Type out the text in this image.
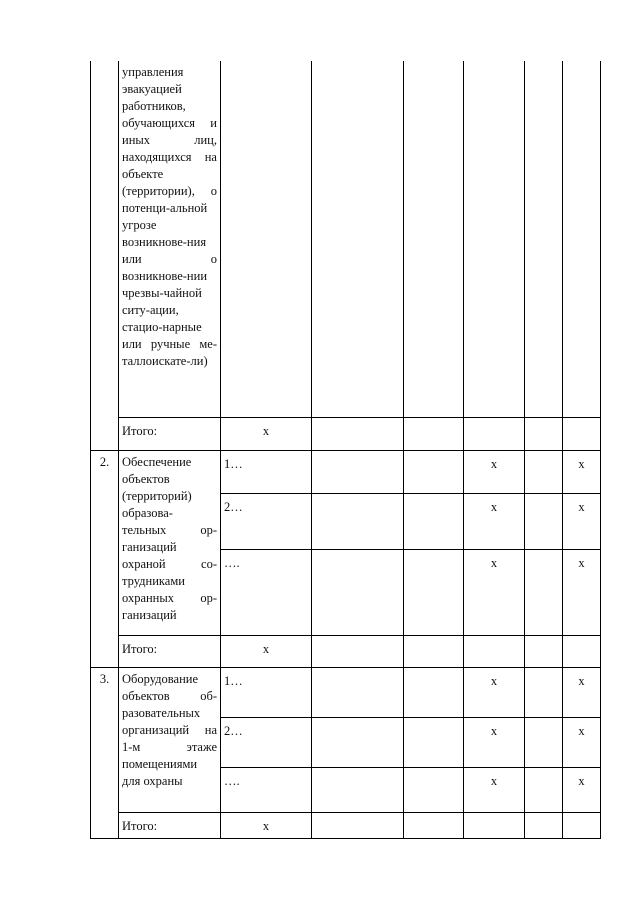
	управления эвакуацией работников, обучающихся и иных лиц, находящихся на объекте (территории), о потенци-альной угрозе возникнове-ния или о возникнове-нии чрезвы-чайной ситу-ации, стацио-нарные или ручные ме-таллоискате-ли)						
	Итого:	x					
2.	Обеспечение объектов (территорий) образова-тельных ор-ганизаций охраной со-трудниками охранных ор-ганизаций	1…			x		x
		2…			x		x
		….			x		x
	Итого:	x					
3.	Оборудование объектов об-разовательных организаций на 1-м этаже помещениями для охраны	1…			x		x
		2…			x		x
		….			x		x
	Итого:	x					
